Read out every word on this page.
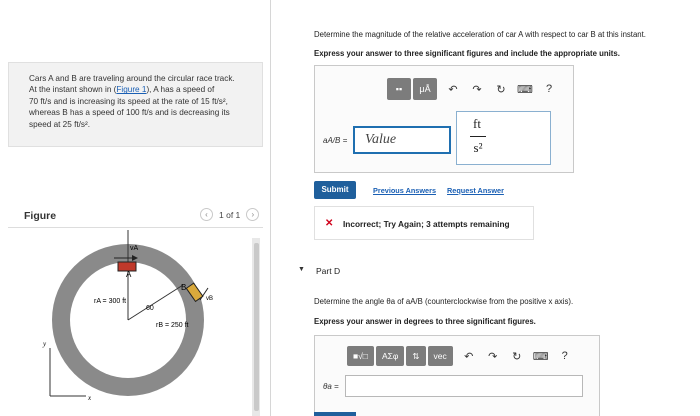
Cars A and B are traveling around the circular race track.
At the instant shown in (Figure 1), A has a speed of
70 ft/s and is increasing its speed at the rate of 15 ft/s²,
whereas B has a speed of 100 ft/s and is decreasing its
speed at 25 ft/s².
Figure	‹	1 of 1	›
vA
A
B
vB
rA = 300 ft
60
rB = 250 ft
y
x
Determine the magnitude of the relative acceleration of car A with respect to car B at this instant.
Express your answer to three significant figures and include the appropriate units.
▪▪	μÅ	↶	↷	↻	⌨	?
aA/B =	Value
ft
s²
Submit	Previous Answers Request Answer
✕ Incorrect; Try Again; 3 attempts remaining
▼ Part D
Determine the angle θa of aA/B (counterclockwise from the positive x axis).
Express your answer in degrees to three significant figures.
■√□	ΑΣφ	⇅	vec	↶	↷	↻	⌨	?
θa =
